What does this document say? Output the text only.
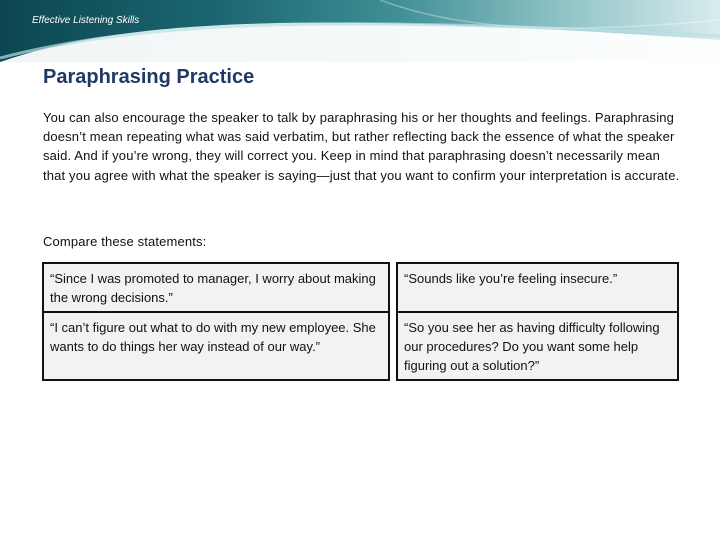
Effective Listening Skills
Paraphrasing Practice
You can also encourage the speaker to talk by paraphrasing his or her thoughts and feelings. Paraphrasing doesn’t mean repeating what was said verbatim, but rather reflecting back the essence of what the speaker said. And if you’re wrong, they will correct you. Keep in mind that paraphrasing doesn’t necessarily mean that you agree with what the speaker is saying—just that you want to confirm your interpretation is accurate.
Compare these statements:
“Since I was promoted to manager, I worry about making the wrong decisions.”		“Sounds like you’re feeling insecure.”
“I can’t figure out what to do with my new employee. She wants to do things her way instead of our way.”		“So you see her as having difficulty following our procedures? Do you want some help figuring out a solution?”
